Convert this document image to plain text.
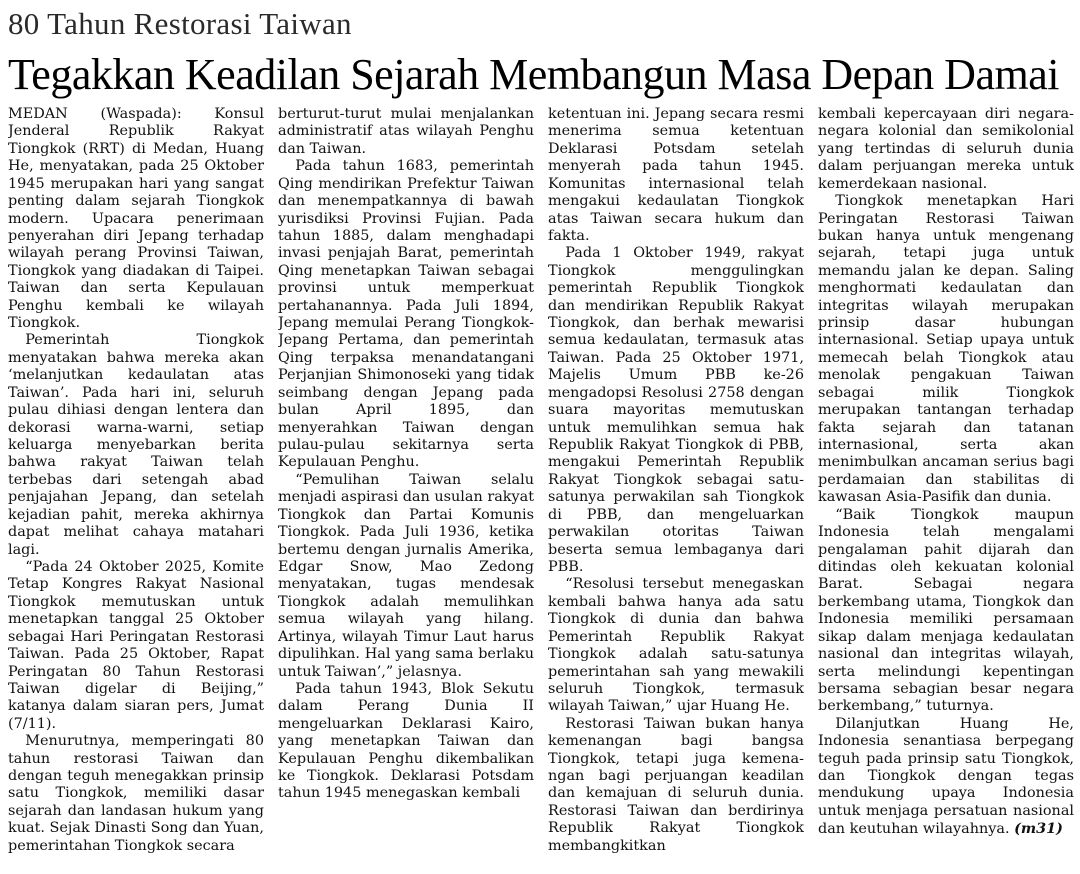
80 Tahun Restorasi Taiwan
Tegakkan Keadilan Sejarah Membangun Masa Depan Damai

MEDAN (Waspada): Konsul Jenderal Republik Rakyat Tiongkok (RRT) di Medan, Huang He, menyatakan, pada 25 Oktober 1945 merupakan hari yang sangat penting dalam sejarah Tiongkok modern. Upacara penerimaan penyerahan diri Jepang terhadap wilayah perang Provinsi Taiwan, Tiongkok yang diadakan di Taipei. Taiwan dan serta Kepulauan Penghu kembali ke wilayah Tiongkok.

Pemerintah Tiongkok menyatakan bahwa mereka akan ‘melanjutkan kedaulatan atas Taiwan’. Pada hari ini, seluruh pulau dihiasi dengan lentera dan dekorasi warna-warni, setiap keluarga menyebarkan berita bahwa rakyat Taiwan telah terbebas dari setengah abad penjajahan Jepang, dan setelah kejadian pahit, mereka akhirnya dapat melihat cahaya matahari lagi.

“Pada 24 Oktober 2025, Komite Tetap Kongres Rakyat Nasional Tiongkok memutuskan untuk menetapkan tanggal 25 Oktober sebagai Hari Peringatan Restorasi Taiwan. Pada 25 Oktober, Rapat Peringatan 80 Tahun Restorasi Taiwan digelar di Beijing,” katanya dalam siaran pers, Jumat (7/11).

Menurutnya, memperingati 80 tahun restorasi Taiwan dan dengan teguh menegakkan prinsip satu Tiongkok, memiliki dasar sejarah dan landasan hukum yang kuat. Sejak Dinasti Song dan Yuan, pemerintahan Tiongkok secara

berturut-turut mulai menjalankan administratif atas wilayah Penghu dan Taiwan.

Pada tahun 1683, pemerintah Qing mendirikan Prefektur Taiwan dan menempatkannya di bawah yurisdiksi Provinsi Fujian. Pada tahun 1885, dalam menghadapi invasi penjajah Barat, pemerintah Qing menetapkan Taiwan sebagai provinsi untuk memperkuat pertahanannya. Pada Juli 1894, Jepang memulai Perang Tiongkok-Jepang Pertama, dan pemerintah Qing terpaksa menandatangani Perjanjian Shimonoseki yang tidak seimbang dengan Jepang pada bulan April 1895, dan menyerahkan Taiwan dengan pulau-pulau sekitarnya serta Kepulauan Penghu.

“Pemulihan Taiwan selalu menjadi aspirasi dan usulan rakyat Tiongkok dan Partai Komunis Tiongkok. Pada Juli 1936, ketika bertemu dengan jurnalis Amerika, Edgar Snow, Mao Zedong menyatakan, tugas mendesak Tiongkok adalah memulihkan semua wilayah yang hilang. Artinya, wilayah Timur Laut harus dipulihkan. Hal yang sama berlaku untuk Taiwan’,” jelasnya.

Pada tahun 1943, Blok Sekutu dalam Perang Dunia II mengeluarkan Deklarasi Kairo, yang menetapkan Taiwan dan Kepulauan Penghu dikembalikan ke Tiongkok. Deklarasi Potsdam tahun 1945 menegaskan kembali

ketentuan ini. Jepang secara resmi menerima semua ketentuan Deklarasi Potsdam setelah menyerah pada tahun 1945. Komunitas internasional telah mengakui kedaulatan Tiongkok atas Taiwan secara hukum dan fakta.

Pada 1 Oktober 1949, rakyat Tiongkok menggulingkan pemerintah Republik Tiongkok dan mendirikan Republik Rakyat Tiongkok, dan berhak mewarisi semua kedaulatan, termasuk atas Taiwan. Pada 25 Oktober 1971, Majelis Umum PBB ke-26 mengadopsi Resolusi 2758 dengan suara mayoritas memutuskan untuk memulihkan semua hak Republik Rakyat Tiongkok di PBB, mengakui Pemerintah Republik Rakyat Tiongkok sebagai satu-satunya perwakilan sah Tiongkok di PBB, dan mengeluarkan perwakilan otoritas Taiwan beserta semua lembaganya dari PBB.

“Resolusi tersebut menegaskan kembali bahwa hanya ada satu Tiongkok di dunia dan bahwa Pemerintah Republik Rakyat Tiongkok adalah satu-satunya pemerintahan sah yang mewakili seluruh Tiongkok, termasuk wilayah Taiwan,” ujar Huang He.

Restorasi Taiwan bukan hanya kemenangan bagi bangsa Tiongkok, tetapi juga kemena-ngan bagi perjuangan keadilan dan kemajuan di seluruh dunia. Restorasi Taiwan dan berdirinya Republik Rakyat Tiongkok membangkitkan

kembali kepercayaan diri negara-negara kolonial dan semikolonial yang tertindas di seluruh dunia dalam perjuangan mereka untuk kemerdekaan nasional.

Tiongkok menetapkan Hari Peringatan Restorasi Taiwan bukan hanya untuk mengenang sejarah, tetapi juga untuk memandu jalan ke depan. Saling menghormati kedaulatan dan integritas wilayah merupakan prinsip dasar hubungan internasional. Setiap upaya untuk memecah belah Tiongkok atau menolak pengakuan Taiwan sebagai milik Tiongkok merupakan tantangan terhadap fakta sejarah dan tatanan internasional, serta akan menimbulkan ancaman serius bagi perdamaian dan stabilitas di kawasan Asia-Pasifik dan dunia.

“Baik Tiongkok maupun Indonesia telah mengalami pengalaman pahit dijarah dan ditindas oleh kekuatan kolonial Barat. Sebagai negara berkembang utama, Tiongkok dan Indonesia memiliki persamaan sikap dalam menjaga kedaulatan nasional dan integritas wilayah, serta melindungi kepentingan bersama sebagian besar negara berkembang,” tuturnya.

Dilanjutkan Huang He, Indonesia senantiasa berpegang teguh pada prinsip satu Tiongkok, dan Tiongkok dengan tegas mendukung upaya Indonesia untuk menjaga persatuan nasional dan keutuhan wilayahnya. (m31)
